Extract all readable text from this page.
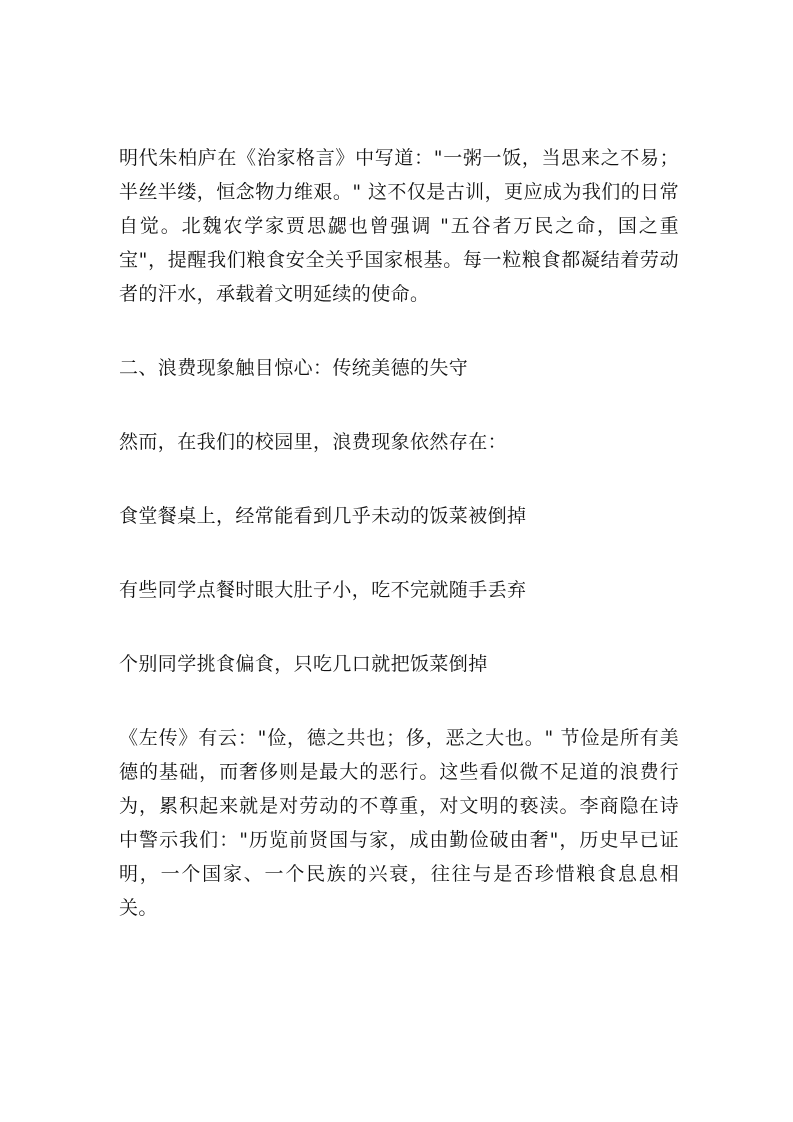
明代朱柏庐在《治家格言》中写道："一粥一饭，当思来之不易；半丝半缕，恒念物力维艰。" 这不仅是古训，更应成为我们的日常自觉。北魏农学家贾思勰也曾强调 "五谷者万民之命，国之重宝"，提醒我们粮食安全关乎国家根基。每一粒粮食都凝结着劳动者的汗水，承载着文明延续的使命。

二、浪费现象触目惊心：传统美德的失守

然而，在我们的校园里，浪费现象依然存在：

食堂餐桌上，经常能看到几乎未动的饭菜被倒掉

有些同学点餐时眼大肚子小，吃不完就随手丢弃

个别同学挑食偏食，只吃几口就把饭菜倒掉

《左传》有云："俭，德之共也；侈，恶之大也。" 节俭是所有美德的基础，而奢侈则是最大的恶行。这些看似微不足道的浪费行为，累积起来就是对劳动的不尊重，对文明的亵渎。李商隐在诗中警示我们："历览前贤国与家，成由勤俭破由奢"，历史早已证明，一个国家、一个民族的兴衰，往往与是否珍惜粮食息息相关。
